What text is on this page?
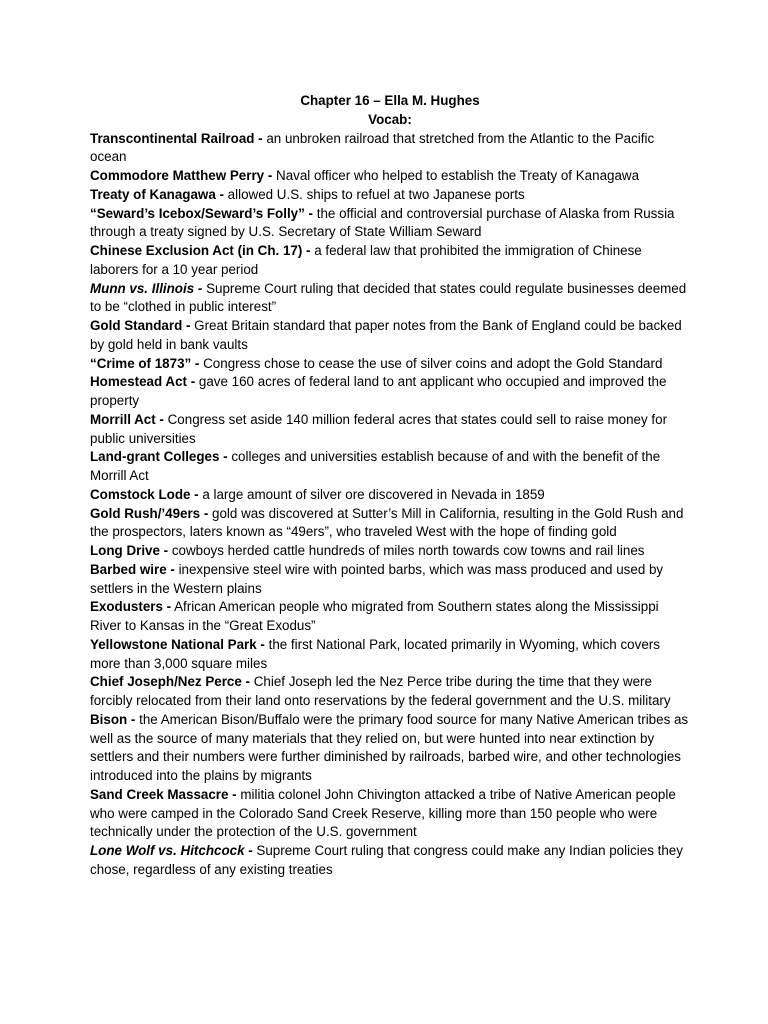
Chapter 16 – Ella M. Hughes

Vocab:

Transcontinental Railroad - an unbroken railroad that stretched from the Atlantic to the Pacific ocean

Commodore Matthew Perry - Naval officer who helped to establish the Treaty of Kanagawa

Treaty of Kanagawa - allowed U.S. ships to refuel at two Japanese ports

“Seward’s Icebox/Seward’s Folly” - the official and controversial purchase of Alaska from Russia through a treaty signed by U.S. Secretary of State William Seward

Chinese Exclusion Act (in Ch. 17) - a federal law that prohibited the immigration of Chinese laborers for a 10 year period

Munn vs. Illinois - Supreme Court ruling that decided that states could regulate businesses deemed to be “clothed in public interest”

Gold Standard - Great Britain standard that paper notes from the Bank of England could be backed by gold held in bank vaults

“Crime of 1873” - Congress chose to cease the use of silver coins and adopt the Gold Standard

Homestead Act - gave 160 acres of federal land to ant applicant who occupied and improved the property

Morrill Act - Congress set aside 140 million federal acres that states could sell to raise money for public universities

Land-grant Colleges - colleges and universities establish because of and with the benefit of the Morrill Act

Comstock Lode - a large amount of silver ore discovered in Nevada in 1859

Gold Rush/’49ers - gold was discovered at Sutter’s Mill in California, resulting in the Gold Rush and the prospectors, laters known as “49ers”, who traveled West with the hope of finding gold

Long Drive - cowboys herded cattle hundreds of miles north towards cow towns and rail lines

Barbed wire - inexpensive steel wire with pointed barbs, which was mass produced and used by settlers in the Western plains

Exodusters - African American people who migrated from Southern states along the Mississippi River to Kansas in the “Great Exodus”

Yellowstone National Park - the first National Park, located primarily in Wyoming, which covers more than 3,000 square miles

Chief Joseph/Nez Perce - Chief Joseph led the Nez Perce tribe during the time that they were forcibly relocated from their land onto reservations by the federal government and the U.S. military

Bison - the American Bison/Buffalo were the primary food source for many Native American tribes as well as the source of many materials that they relied on, but were hunted into near extinction by settlers and their numbers were further diminished by railroads, barbed wire, and other technologies introduced into the plains by migrants

Sand Creek Massacre - militia colonel John Chivington attacked a tribe of Native American people who were camped in the Colorado Sand Creek Reserve, killing more than 150 people who were technically under the protection of the U.S. government

Lone Wolf vs. Hitchcock - Supreme Court ruling that congress could make any Indian policies they chose, regardless of any existing treaties
